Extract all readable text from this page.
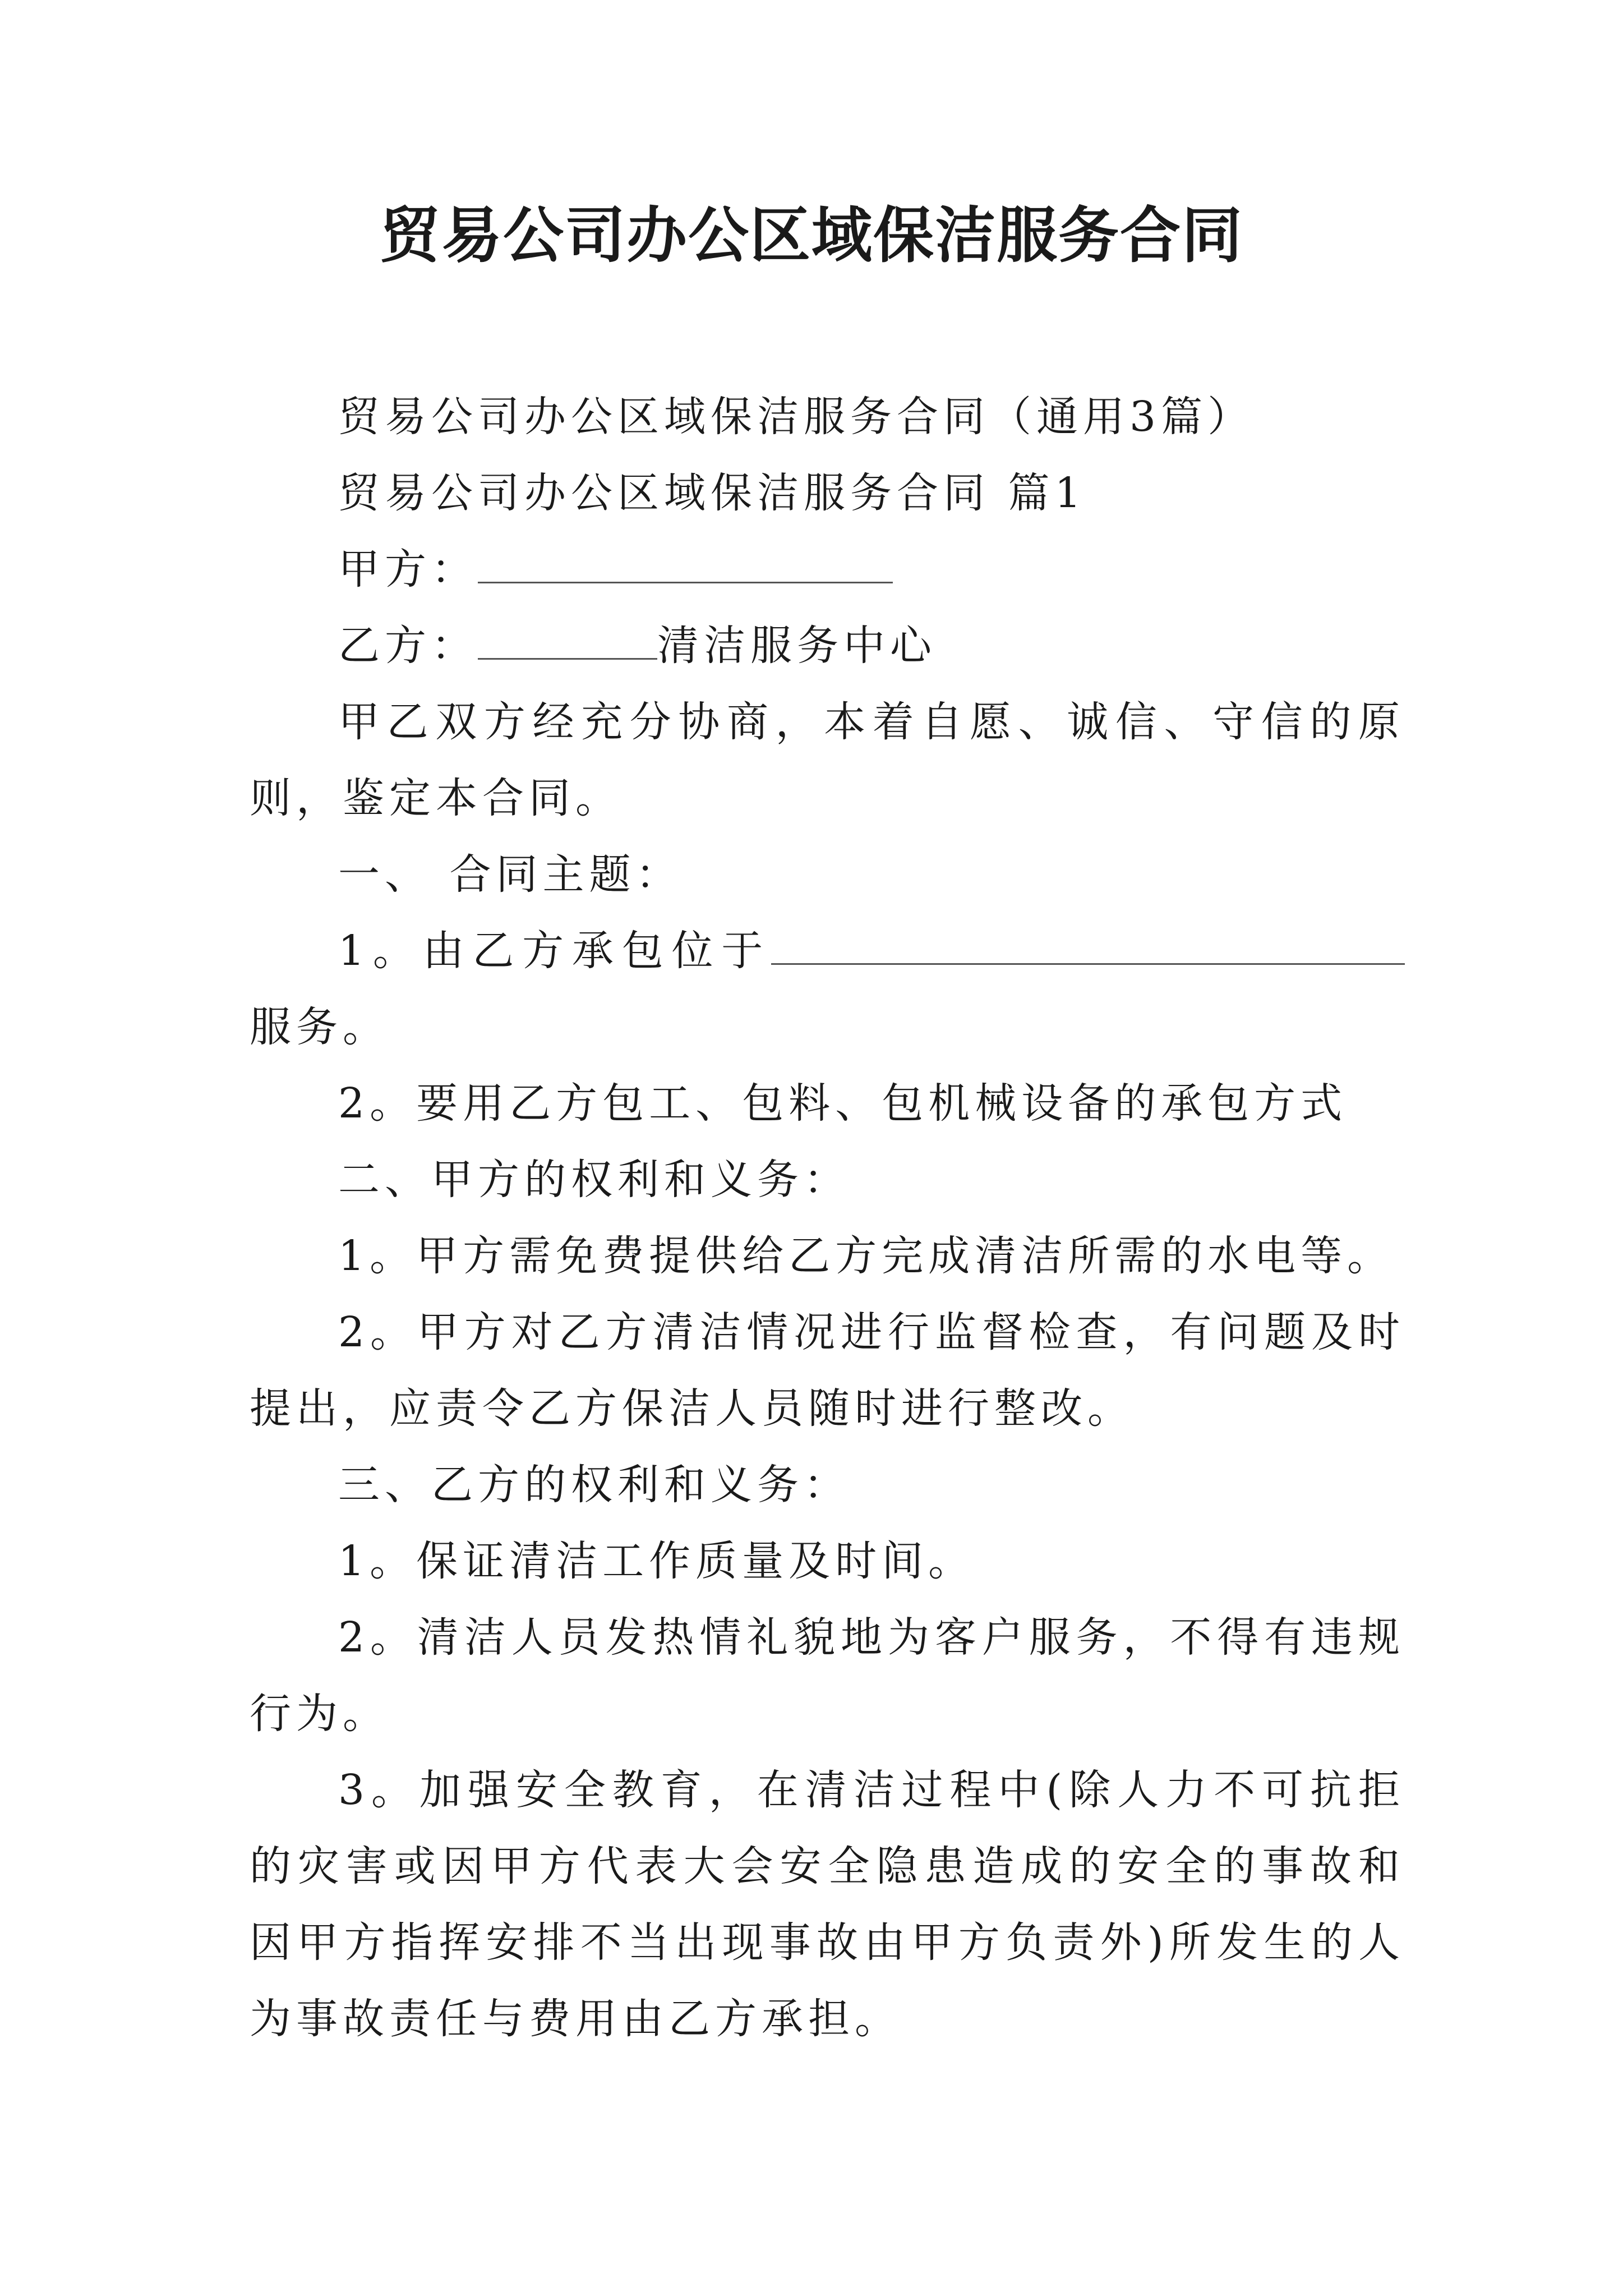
贸易公司办公区域保洁服务合同

贸易公司办公区域保洁服务合同（通用3篇）

贸易公司办公区域保洁服务合同 篇1

甲方：

乙方：	清洁服务中心

甲乙双方经充分协商，本着自愿、诚信、守信的原则，鉴定本合同。

一、 合同主题：

1。由乙方承包位于服务。

2。要用乙方包工、包料、包机械设备的承包方式

二、甲方的权利和义务：

1。甲方需免费提供给乙方完成清洁所需的水电等。

2。甲方对乙方清洁情况进行监督检查，有问题及时提出，应责令乙方保洁人员随时进行整改。

三、乙方的权利和义务：

1。保证清洁工作质量及时间。

2。清洁人员发热情礼貌地为客户服务，不得有违规行为。

3。加强安全教育，在清洁过程中(除人力不可抗拒的灾害或因甲方代表大会安全隐患造成的安全的事故和因甲方指挥安排不当出现事故由甲方负责外)所发生的人为事故责任与费用由乙方承担。
